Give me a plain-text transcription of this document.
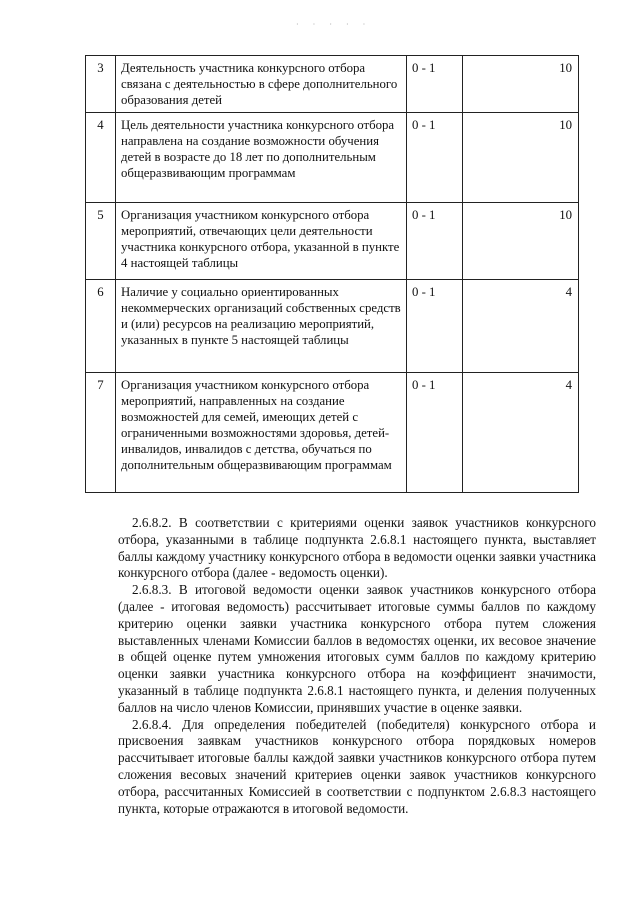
· · · · ·
3	Деятельность участника конкурсного отбора связана с деятельностью в сфере дополнительного образования детей	0 - 1	10
4	Цель деятельности участника конкурсного отбора направлена на создание возможности обучения детей в возрасте до 18 лет по дополнительным общеразвивающим программам	0 - 1	10
5	Организация участником конкурсного отбора мероприятий, отвечающих цели деятельности участника конкурсного отбора, указанной в пункте 4 настоящей таблицы	0 - 1	10
6	Наличие у социально ориентированных некоммерческих организаций собственных средств и (или) ресурсов на реализацию мероприятий, указанных в пункте 5 настоящей таблицы	0 - 1	4
7	Организация участником конкурсного отбора мероприятий, направленных на создание возможностей для семей, имеющих детей с ограниченными возможностями здоровья, детей-инвалидов, инвалидов с детства, обучаться по дополнительным общеразвивающим программам	0 - 1	4

2.6.8.2. В соответствии с критериями оценки заявок участников конкурсного отбора, указанными в таблице подпункта 2.6.8.1 настоящего пункта, выставляет баллы каждому участнику конкурсного отбора в ведомости оценки заявки участника конкурсного отбора (далее - ведомость оценки).

2.6.8.3. В итоговой ведомости оценки заявок участников конкурсного отбора (далее - итоговая ведомость) рассчитывает итоговые суммы баллов по каждому критерию оценки заявки участника конкурсного отбора путем сложения выставленных членами Комиссии баллов в ведомостях оценки, их весовое значение в общей оценке путем умножения итоговых сумм баллов по каждому критерию оценки заявки участника конкурсного отбора на коэффициент значимости, указанный в таблице подпункта 2.6.8.1 настоящего пункта, и деления полученных баллов на число членов Комиссии, принявших участие в оценке заявки.

2.6.8.4. Для определения победителей (победителя) конкурсного отбора и присвоения заявкам участников конкурсного отбора порядковых номеров рассчитывает итоговые баллы каждой заявки участников конкурсного отбора путем сложения весовых значений критериев оценки заявок участников конкурсного отбора, рассчитанных Комиссией в соответствии с подпунктом 2.6.8.3 настоящего пункта, которые отражаются в итоговой ведомости.
